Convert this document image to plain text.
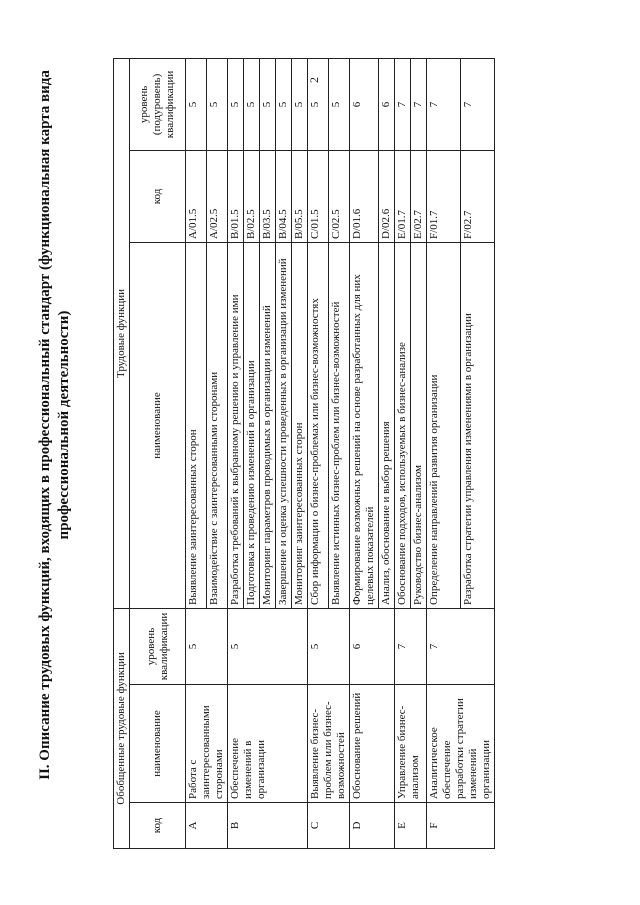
2
II. Описание трудовых функций, входящих в профессиональный стандарт (функциональная карта вида профессиональной деятельности)
Обобщенные трудовые функции			Трудовые функции		
код	наименование	уровень квалификации	наименование	код	уровень (подуровень) квалификации
A	Работа с заинтересованными сторонами	5	Выявление заинтересованных сторон	A/01.5	5
			Взаимодействие с заинтересованными сторонами	A/02.5	5
B	Обеспечение изменений в организации	5	Разработка требований к выбранному решению и управление ими	B/01.5	5
			Подготовка к проведению изменений в организации	B/02.5	5
			Мониторинг параметров проводимых в организации изменений	B/03.5	5
			Завершение и оценка успешности проведенных в организации изменений	B/04.5	5
			Мониторинг заинтересованных сторон	B/05.5	5
C	Выявление бизнес-проблем или бизнес-возможностей	5	Сбор информации о бизнес-проблемах или бизнес-возможностях	C/01.5	5
			Выявление истинных бизнес-проблем или бизнес-возможностей	C/02.5	5
D	Обоснование решений	6	Формирование возможных решений на основе разработанных для них целевых показателей	D/01.6	6
			Анализ, обоснование и выбор решения	D/02.6	6
E	Управление бизнес-анализом	7	Обоснование подходов, используемых в бизнес-анализе	E/01.7	7
			Руководство бизнес-анализом	E/02.7	7
F	Аналитическое обеспечение разработки стратегии изменений организации	7	Определение направлений развития организации	F/01.7	7
			Разработка стратегии управления изменениями в организации	F/02.7	7
